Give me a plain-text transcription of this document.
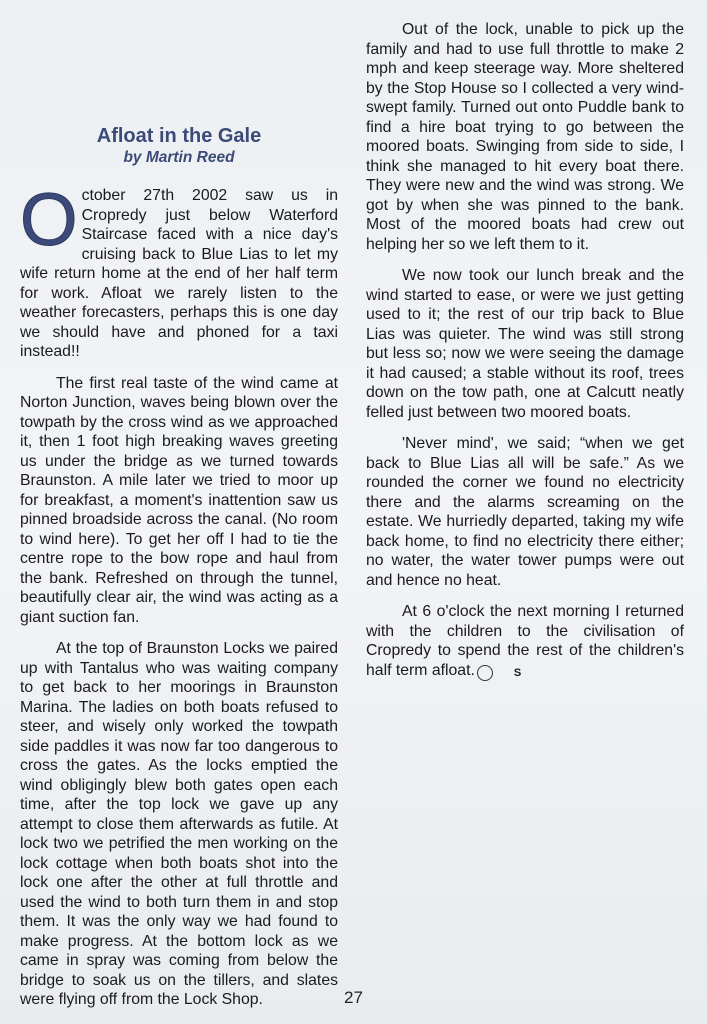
Afloat in the Gale
by Martin Reed

October 27th 2002 saw us in Cropredy just below Waterford Staircase faced with a nice day's cruising back to Blue Lias to let my wife return home at the end of her half term for work. Afloat we rarely listen to the weather forecasters, perhaps this is one day we should have and phoned for a taxi instead!!

The first real taste of the wind came at Norton Junction, waves being blown over the towpath by the cross wind as we approached it, then 1 foot high breaking waves greeting us under the bridge as we turned towards Braunston. A mile later we tried to moor up for breakfast, a moment's inattention saw us pinned broadside across the canal. (No room to wind here). To get her off I had to tie the centre rope to the bow rope and haul from the bank. Refreshed on through the tunnel, beautifully clear air, the wind was acting as a giant suction fan.

At the top of Braunston Locks we paired up with Tantalus who was waiting company to get back to her moorings in Braunston Marina. The ladies on both boats refused to steer, and wisely only worked the towpath side paddles it was now far too dangerous to cross the gates. As the locks emptied the wind obligingly blew both gates open each time, after the top lock we gave up any attempt to close them afterwards as futile. At lock two we petrified the men working on the lock cottage when both boats shot into the lock one after the other at full throttle and used the wind to both turn them in and stop them. It was the only way we had found to make progress. At the bottom lock as we came in spray was coming from below the bridge to soak us on the tillers, and slates were flying off from the Lock Shop.

Out of the lock, unable to pick up the family and had to use full throttle to make 2 mph and keep steerage way. More sheltered by the Stop House so I collected a very wind-swept family. Turned out onto Puddle bank to find a hire boat trying to go between the moored boats. Swinging from side to side, I think she managed to hit every boat there. They were new and the wind was strong. We got by when she was pinned to the bank. Most of the moored boats had crew out helping her so we left them to it.

We now took our lunch break and the wind started to ease, or were we just getting used to it; the rest of our trip back to Blue Lias was quieter. The wind was still strong but less so; now we were seeing the damage it had caused; a stable without its roof, trees down on the tow path, one at Calcutt neatly felled just between two moored boats.

'Never mind', we said; “when we get back to Blue Lias all will be safe.” As we rounded the corner we found no electricity there and the alarms screaming on the estate. We hurriedly departed, taking my wife back home, to find no electricity there either; no water, the water tower pumps were out and hence no heat.

At 6 o'clock the next morning I returned with the children to the civilisation of Cropredy to spend the rest of the children's half term afloat.	S

27
